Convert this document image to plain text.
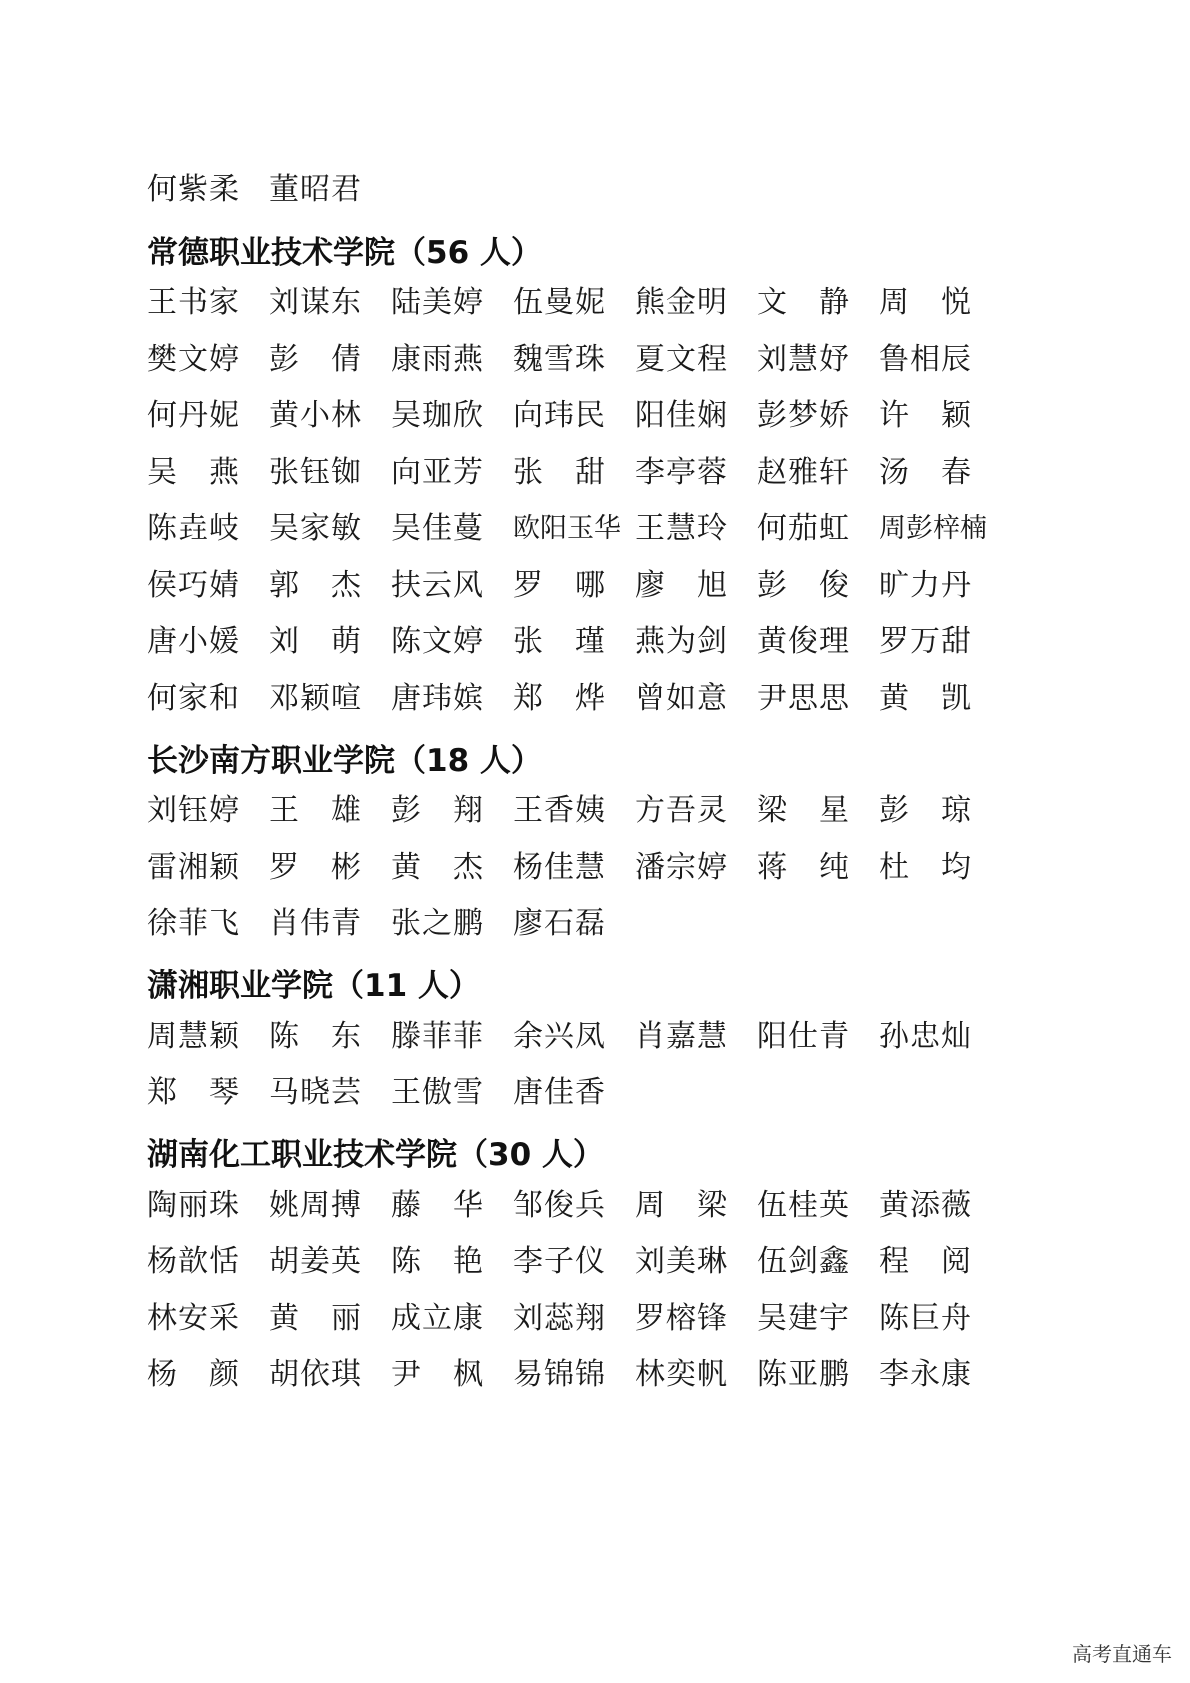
何 紫 柔 董 昭 君
常德职业技术学院（56 人）
王 书 家 刘 谋 东 陆 美 婷 伍 曼 妮 熊 金 明 文 静 周 悦
樊 文 婷 彭 倩 康 雨 燕 魏 雪 珠 夏 文 程 刘 慧 妤 鲁 相 辰
何 丹 妮 黄 小 林 吴 珈 欣 向 玮 民 阳 佳 娴 彭 梦 娇 许 颖
吴 燕 张 钰 铷 向 亚 芳 张 甜 李 亭 蓉 赵 雅 轩 汤 春
陈 垚 岐 吴 家 敏 吴 佳 蔓 欧 阳 玉 华 王 慧 玲 何 茄 虹 周 彭 梓 楠
侯 巧 婧 郭 杰 扶 云 风 罗 哪 廖 旭 彭 俊 旷 力 丹
唐 小 媛 刘 萌 陈 文 婷 张 瑾 燕 为 剑 黄 俊 理 罗 万 甜
何 家 和 邓 颖 喧 唐 玮 嫔 郑 烨 曾 如 意 尹 思 思 黄 凯
长沙南方职业学院（18 人）
刘 钰 婷 王 雄 彭 翔 王 香 姨 方 吾 灵 梁 星 彭 琼
雷 湘 颖 罗 彬 黄 杰 杨 佳 慧 潘 宗 婷 蒋 纯 杜 均
徐 菲 飞 肖 伟 青 张 之 鹏 廖 石 磊
潇湘职业学院（11 人）
周 慧 颖 陈 东 滕 菲 菲 余 兴 凤 肖 嘉 慧 阳 仕 青 孙 忠 灿
郑 琴 马 晓 芸 王 傲 雪 唐 佳 香
湖南化工职业技术学院（30 人）
陶 丽 珠 姚 周 搏 藤 华 邹 俊 兵 周 梁 伍 桂 英 黄 添 薇
杨 歆 恬 胡 姜 英 陈 艳 李 子 仪 刘 美 琳 伍 剑 鑫 程 阅
林 安 采 黄 丽 成 立 康 刘 蕊 翔 罗 榕 锋 吴 建 宇 陈 巨 舟
杨 颜 胡 依 琪 尹 枫 易 锦 锦 林 奕 帆 陈 亚 鹏 李 永 康
高考直通车
